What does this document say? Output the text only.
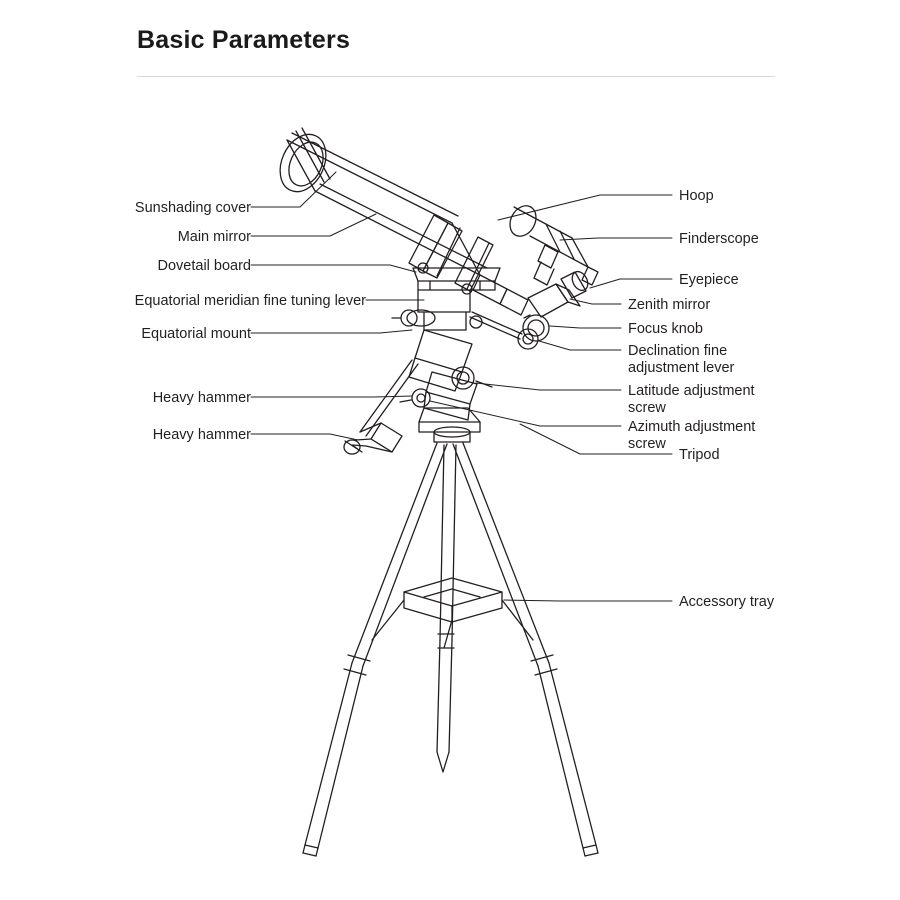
Basic Parameters
Sunshading cover
Main mirror
Dovetail board
Equatorial meridian fine tuning lever
Equatorial mount
Heavy hammer
Heavy hammer
Hoop
Finderscope
Eyepiece
Zenith mirror
Focus knob
Declination fine adjustment lever
Latitude adjustment screw
Azimuth adjustment screw
Tripod
Accessory tray
